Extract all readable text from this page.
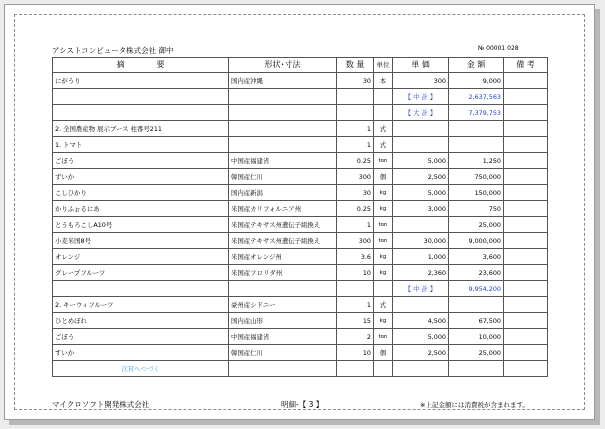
アシストコンピュータ株式会社 御中	№ 00001 028
摘　　　　要	形状･寸法	数 量	単位	単 価	金 額	備 考
にがうり	国内産沖縄	30	本	300	9,000	
				【 中 計 】	2,637,563	
				【 大 計 】	7,379,753	
2. 全国農産物 展示ブース 柱番号211		1	式			
1. トマト		1	式			
ごぼう	中国産福建省	0.25	ton	5,000	1,250	
ずいか	韓国産仁川	300	個	2,500	750,000	
こしひかり	国内産新潟	30	kg	5,000	150,000	
かりふぉるにあ	米国産カリフォルニア州	0.25	kg	3,000	750	
とうもろこしA10号	米国産テキサス州遺伝子組換え	1	ton		25,000	
小麦米国8号	米国産テキサス州遺伝子組換え	300	ton	30,000	9,000,000	
オレンジ	米国産オレンジ州	3.6	kg	1,000	3,600	
グレープフルーツ	米国産フロリダ州	10	kg	2,360	23,600	
				【 中 計 】	9,954,200	
2. キーウィフルーツ	豪州産シドニー	1	式			
ひとめぼれ	国内産山形	15	kg	4,500	67,500	
ごぼう	中国産福建省	2	ton	5,000	10,000	
すいか	韓国産仁川	10	個	2,500	25,000	
次頁へつづく						
マイクロソフト開発株式会社	明細-【 3 】	※上記金額には消費税が含まれます。
